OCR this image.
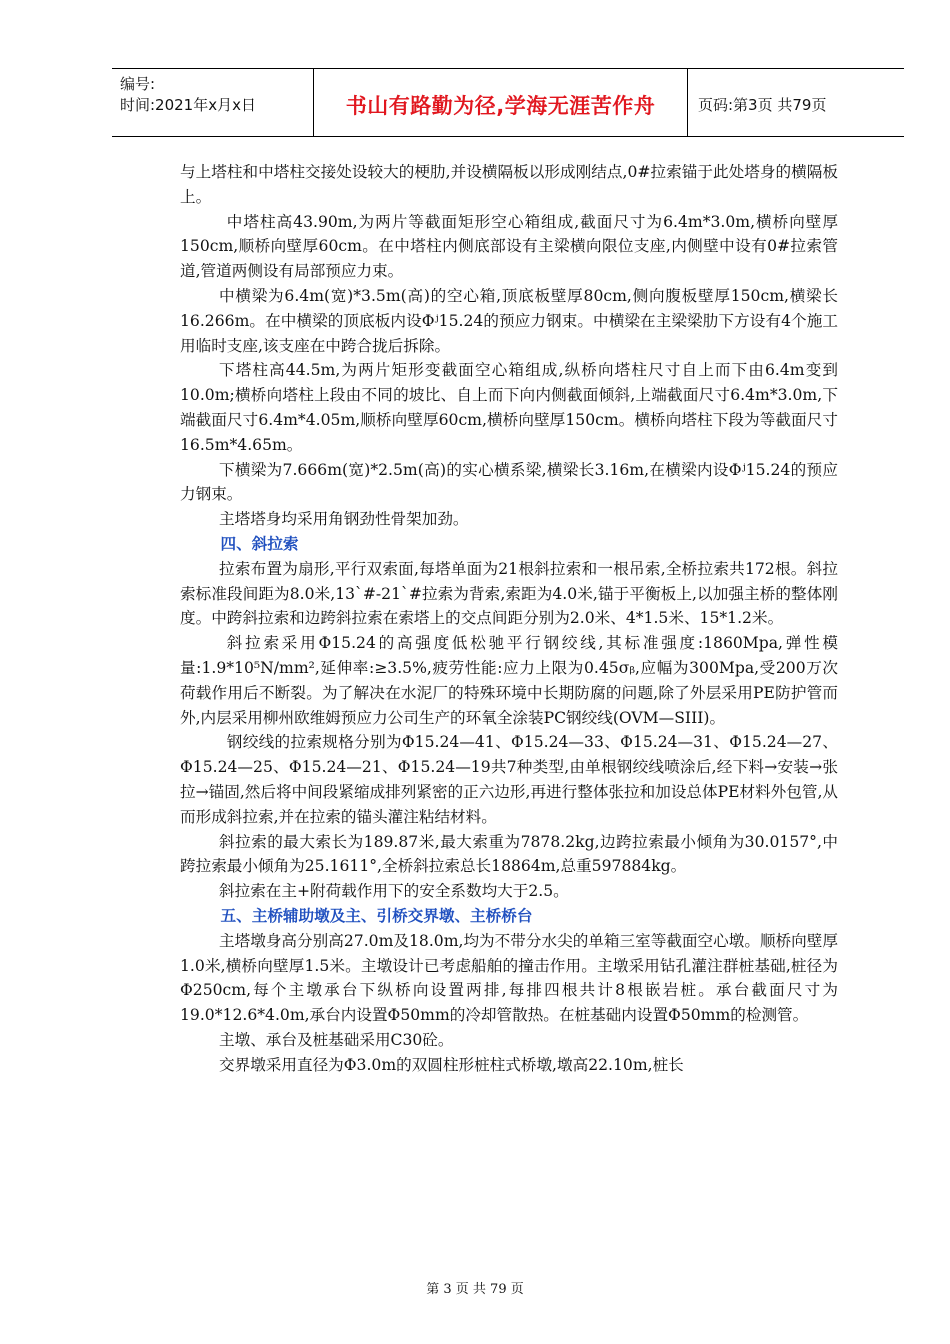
编号:
时间:2021年x月x日	书山有路勤为径,学海无涯苦作舟	页码:第3页 共79页

与上塔柱和中塔柱交接处设较大的梗肋,并设横隔板以形成刚结点,0#拉索锚于此处塔身的横隔板上。

中塔柱高43.90m,为两片等截面矩形空心箱组成,截面尺寸为6.4m*3.0m,横桥向壁厚150cm,顺桥向壁厚60cm。在中塔柱内侧底部设有主梁横向限位支座,内侧壁中设有0#拉索管道,管道两侧设有局部预应力束。

中横梁为6.4m(宽)*3.5m(高)的空心箱,顶底板壁厚80cm,侧向腹板壁厚150cm,横梁长16.266m。在中横梁的顶底板内设Φʲ15.24的预应力钢束。中横梁在主梁梁肋下方设有4个施工用临时支座,该支座在中跨合拢后拆除。

下塔柱高44.5m,为两片矩形变截面空心箱组成,纵桥向塔柱尺寸自上而下由6.4m变到10.0m;横桥向塔柱上段由不同的坡比、自上而下向内侧截面倾斜,上端截面尺寸6.4m*3.0m,下端截面尺寸6.4m*4.05m,顺桥向壁厚60cm,横桥向壁厚150cm。横桥向塔柱下段为等截面尺寸16.5m*4.65m。

下横梁为7.666m(宽)*2.5m(高)的实心横系梁,横梁长3.16m,在横梁内设Φʲ15.24的预应力钢束。

主塔塔身均采用角钢劲性骨架加劲。

四、斜拉索

拉索布置为扇形,平行双索面,每塔单面为21根斜拉索和一根吊索,全桥拉索共172根。斜拉索标准段间距为8.0米,13`#-21`#拉索为背索,索距为4.0米,锚于平衡板上,以加强主桥的整体刚度。中跨斜拉索和边跨斜拉索在索塔上的交点间距分别为2.0米、4*1.5米、15*1.2米。

斜拉索采用Φ15.24的高强度低松驰平行钢绞线,其标准强度:1860Mpa,弹性模量:1.9*10⁵N/mm²,延伸率:≥3.5%,疲劳性能:应力上限为0.45σᵦ,应幅为300Mpa,受200万次荷载作用后不断裂。为了解决在水泥厂的特殊环境中长期防腐的问题,除了外层采用PE防护管而外,内层采用柳州欧维姆预应力公司生产的环氧全涂装PC钢绞线(OVM—SIII)。

钢绞线的拉索规格分别为Φ15.24—41、Φ15.24—33、Φ15.24—31、Φ15.24—27、Φ15.24—25、Φ15.24—21、Φ15.24—19共7种类型,由单根钢绞线喷涂后,经下料→安装→张拉→锚固,然后将中间段紧缩成排列紧密的正六边形,再进行整体张拉和加设总体PE材料外包管,从而形成斜拉索,并在拉索的锚头灌注粘结材料。

斜拉索的最大索长为189.87米,最大索重为7878.2kg,边跨拉索最小倾角为30.0157°,中跨拉索最小倾角为25.1611°,全桥斜拉索总长18864m,总重597884kg。

斜拉索在主+附荷载作用下的安全系数均大于2.5。

五、主桥辅助墩及主、引桥交界墩、主桥桥台

主塔墩身高分别高27.0m及18.0m,均为不带分水尖的单箱三室等截面空心墩。顺桥向壁厚1.0米,横桥向壁厚1.5米。主墩设计已考虑船舶的撞击作用。主墩采用钻孔灌注群桩基础,桩径为Φ250cm,每个主墩承台下纵桥向设置两排,每排四根共计8根嵌岩桩。承台截面尺寸为19.0*12.6*4.0m,承台内设置Φ50mm的冷却管散热。在桩基础内设置Φ50mm的检测管。

主墩、承台及桩基础采用C30砼。

交界墩采用直径为Φ3.0m的双圆柱形桩柱式桥墩,墩高22.10m,桩长

第 3 页 共 79 页
